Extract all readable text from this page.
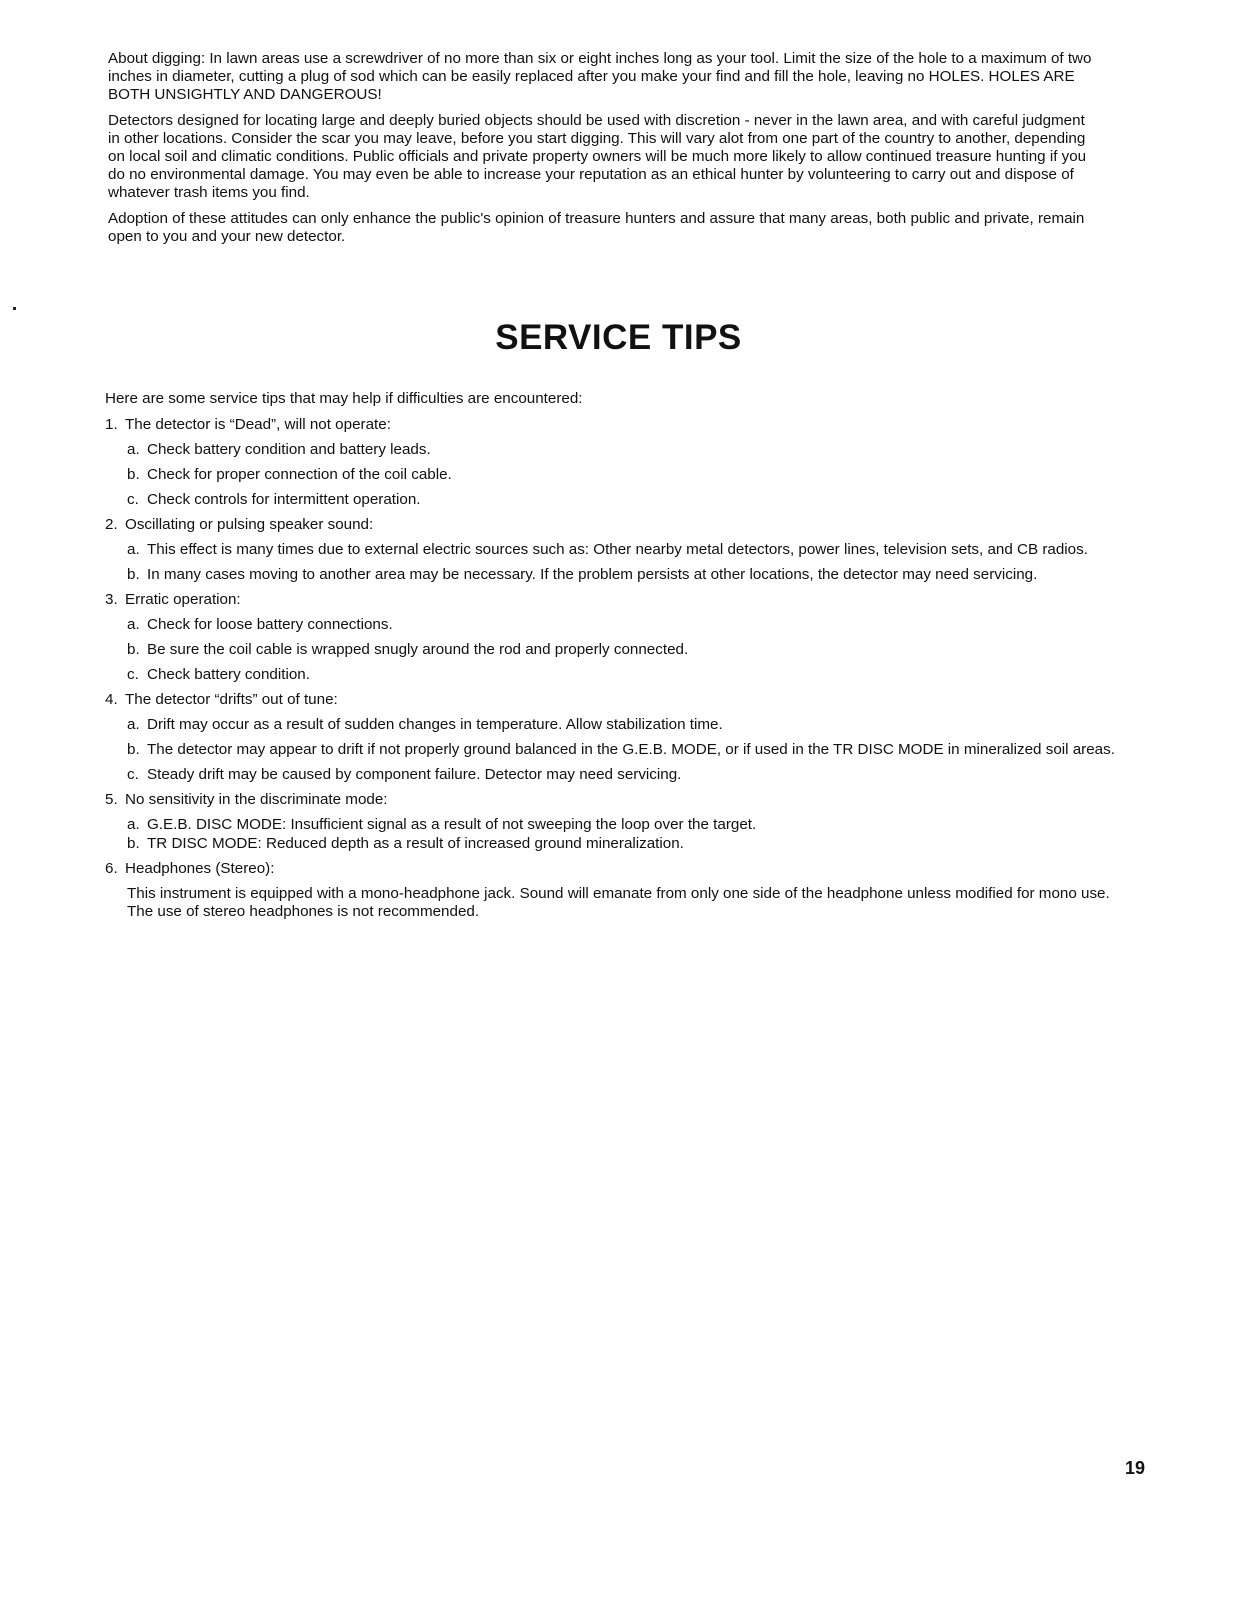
About digging: In lawn areas use a screwdriver of no more than six or eight inches long as your tool. Limit the size of the hole to a maximum of two inches in diameter, cutting a plug of sod which can be easily replaced after you make your find and fill the hole, leaving no HOLES. HOLES ARE BOTH UNSIGHTLY AND DANGEROUS!

Detectors designed for locating large and deeply buried objects should be used with discretion - never in the lawn area, and with careful judgment in other locations. Consider the scar you may leave, before you start digging. This will vary alot from one part of the country to another, depending on local soil and climatic conditions. Public officials and private property owners will be much more likely to allow continued treasure hunting if you do no environmental damage. You may even be able to increase your reputation as an ethical hunter by volunteering to carry out and dispose of whatever trash items you find.

Adoption of these attitudes can only enhance the public's opinion of treasure hunters and assure that many areas, both public and private, remain open to you and your new detector.

SERVICE TIPS

Here are some service tips that may help if difficulties are encountered:

1. The detector is “Dead”, will not operate:
a. Check battery condition and battery leads.
b. Check for proper connection of the coil cable.
c. Check controls for intermittent operation.
2. Oscillating or pulsing speaker sound:
a. This effect is many times due to external electric sources such as: Other nearby metal detectors, power lines, television sets, and CB radios.
b. In many cases moving to another area may be necessary. If the problem persists at other locations, the detector may need servicing.
3. Erratic operation:
a. Check for loose battery connections.
b. Be sure the coil cable is wrapped snugly around the rod and properly connected.
c. Check battery condition.
4. The detector “drifts” out of tune:
a. Drift may occur as a result of sudden changes in temperature. Allow stabilization time.
b. The detector may appear to drift if not properly ground balanced in the G.E.B. MODE, or if used in the TR DISC MODE in mineralized soil areas.
c. Steady drift may be caused by component failure. Detector may need servicing.
5. No sensitivity in the discriminate mode:
a. G.E.B. DISC MODE: Insufficient signal as a result of not sweeping the loop over the target.
b. TR DISC MODE: Reduced depth as a result of increased ground mineralization.
6. Headphones (Stereo):
This instrument is equipped with a mono-headphone jack. Sound will emanate from only one side of the headphone unless modified for mono use. The use of stereo headphones is not recommended.
19
